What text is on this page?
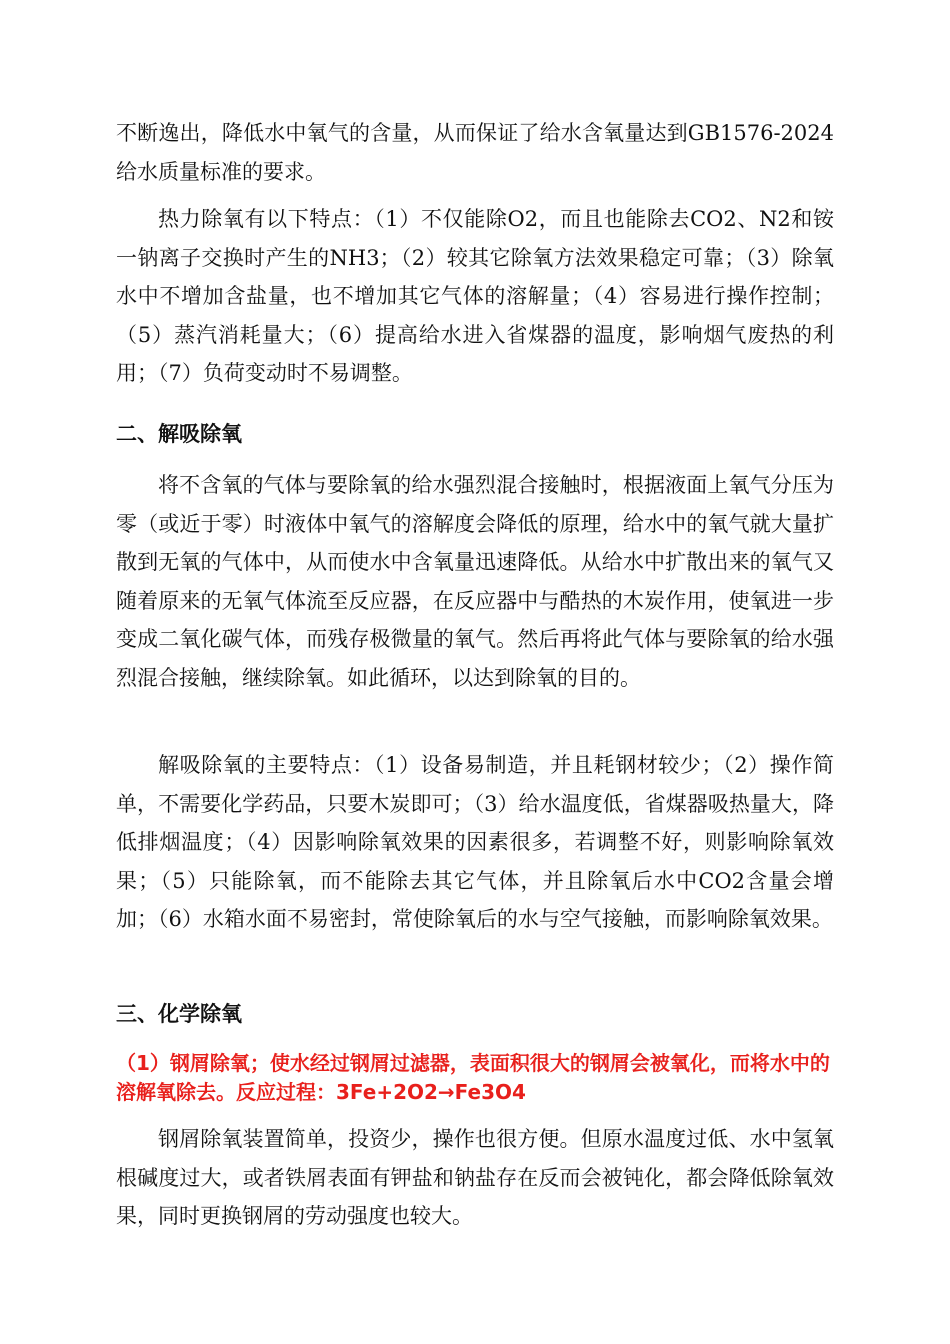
不断逸出，降低水中氧气的含量，从而保证了给水含氧量达到GB1576-2024给水质量标准的要求。

热力除氧有以下特点：（1）不仅能除O2，而且也能除去CO2、N2和铵一钠离子交换时产生的NH3；（2）较其它除氧方法效果稳定可靠；（3）除氧水中不增加含盐量，也不增加其它气体的溶解量；（4）容易进行操作控制；（5）蒸汽消耗量大；（6）提高给水进入省煤器的温度，影响烟气废热的利用；（7）负荷变动时不易调整。

二、解吸除氧

将不含氧的气体与要除氧的给水强烈混合接触时，根据液面上氧气分压为零（或近于零）时液体中氧气的溶解度会降低的原理，给水中的氧气就大量扩散到无氧的气体中，从而使水中含氧量迅速降低。从给水中扩散出来的氧气又随着原来的无氧气体流至反应器，在反应器中与酷热的木炭作用，使氧进一步变成二氧化碳气体，而残存极微量的氧气。然后再将此气体与要除氧的给水强烈混合接触，继续除氧。如此循环，以达到除氧的目的。

解吸除氧的主要特点：（1）设备易制造，并且耗钢材较少；（2）操作简单，不需要化学药品，只要木炭即可；（3）给水温度低，省煤器吸热量大，降低排烟温度；（4）因影响除氧效果的因素很多，若调整不好，则影响除氧效果；（5）只能除氧，而不能除去其它气体，并且除氧后水中CO2含量会增加；（6）水箱水面不易密封，常使除氧后的水与空气接触，而影响除氧效果。

三、化学除氧

（1）钢屑除氧；使水经过钢屑过滤器，表面积很大的钢屑会被氧化，而将水中的溶解氧除去。反应过程：3Fe+2O2→Fe3O4

钢屑除氧装置简单，投资少，操作也很方便。但原水温度过低、水中氢氧根碱度过大，或者铁屑表面有钾盐和钠盐存在反而会被钝化，都会降低除氧效果，同时更换钢屑的劳动强度也较大。
